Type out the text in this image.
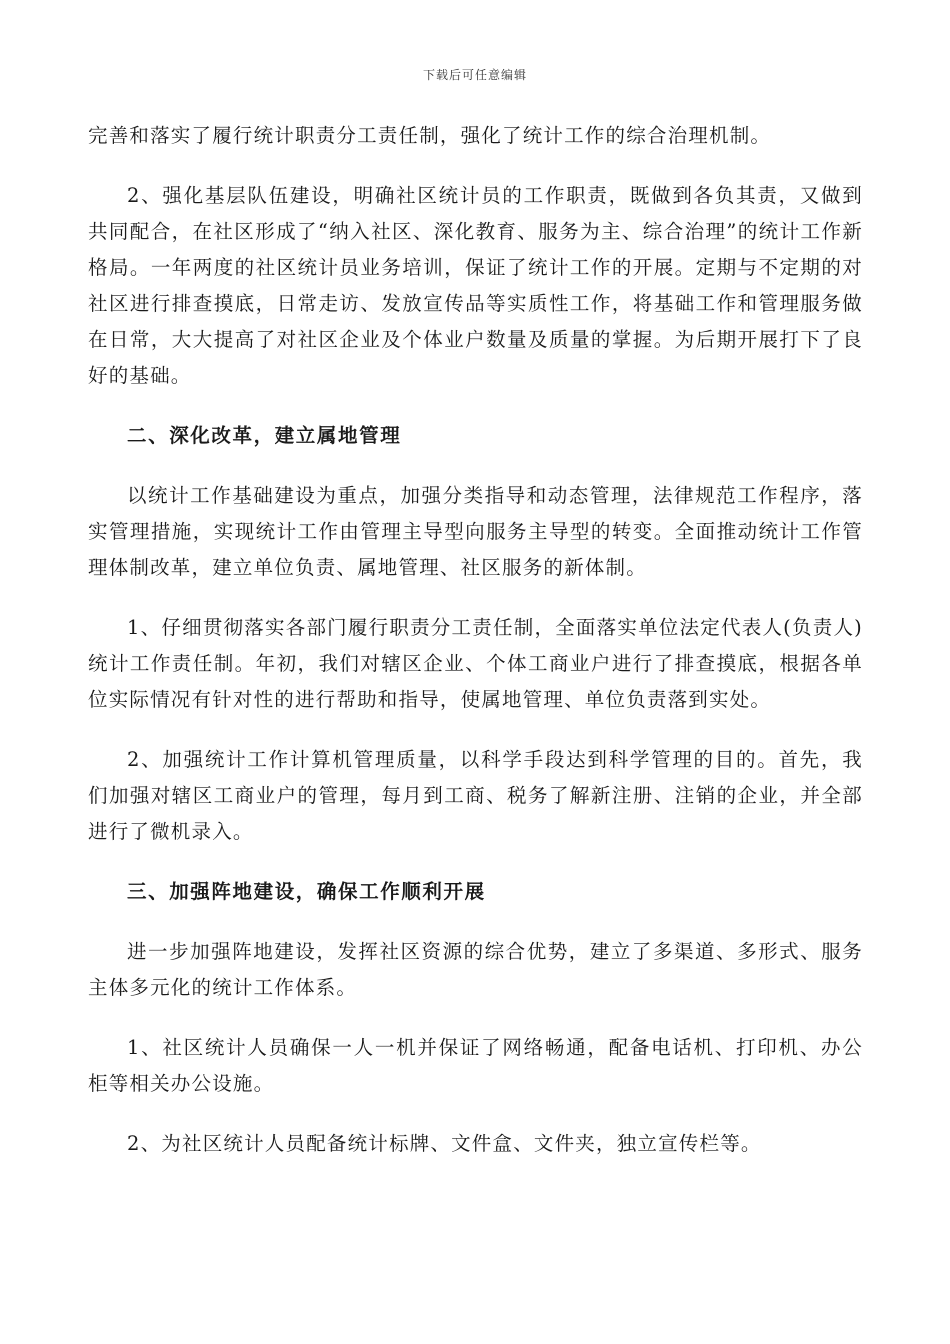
下载后可任意编辑

完善和落实了履行统计职责分工责任制，强化了统计工作的综合治理机制。

2、强化基层队伍建设，明确社区统计员的工作职责，既做到各负其责，又做到共同配合，在社区形成了“纳入社区、深化教育、服务为主、综合治理”的统计工作新格局。一年两度的社区统计员业务培训，保证了统计工作的开展。定期与不定期的对社区进行排查摸底，日常走访、发放宣传品等实质性工作，将基础工作和管理服务做在日常，大大提高了对社区企业及个体业户数量及质量的掌握。为后期开展打下了良好的基础。

二、深化改革，建立属地管理

以统计工作基础建设为重点，加强分类指导和动态管理，法律规范工作程序，落实管理措施，实现统计工作由管理主导型向服务主导型的转变。全面推动统计工作管理体制改革，建立单位负责、属地管理、社区服务的新体制。

1、仔细贯彻落实各部门履行职责分工责任制，全面落实单位法定代表人(负责人)统计工作责任制。年初，我们对辖区企业、个体工商业户进行了排查摸底，根据各单位实际情况有针对性的进行帮助和指导，使属地管理、单位负责落到实处。

2、加强统计工作计算机管理质量，以科学手段达到科学管理的目的。首先，我们加强对辖区工商业户的管理，每月到工商、税务了解新注册、注销的企业，并全部进行了微机录入。

三、加强阵地建设，确保工作顺利开展

进一步加强阵地建设，发挥社区资源的综合优势，建立了多渠道、多形式、服务主体多元化的统计工作体系。

1、社区统计人员确保一人一机并保证了网络畅通，配备电话机、打印机、办公柜等相关办公设施。

2、为社区统计人员配备统计标牌、文件盒、文件夹，独立宣传栏等。
